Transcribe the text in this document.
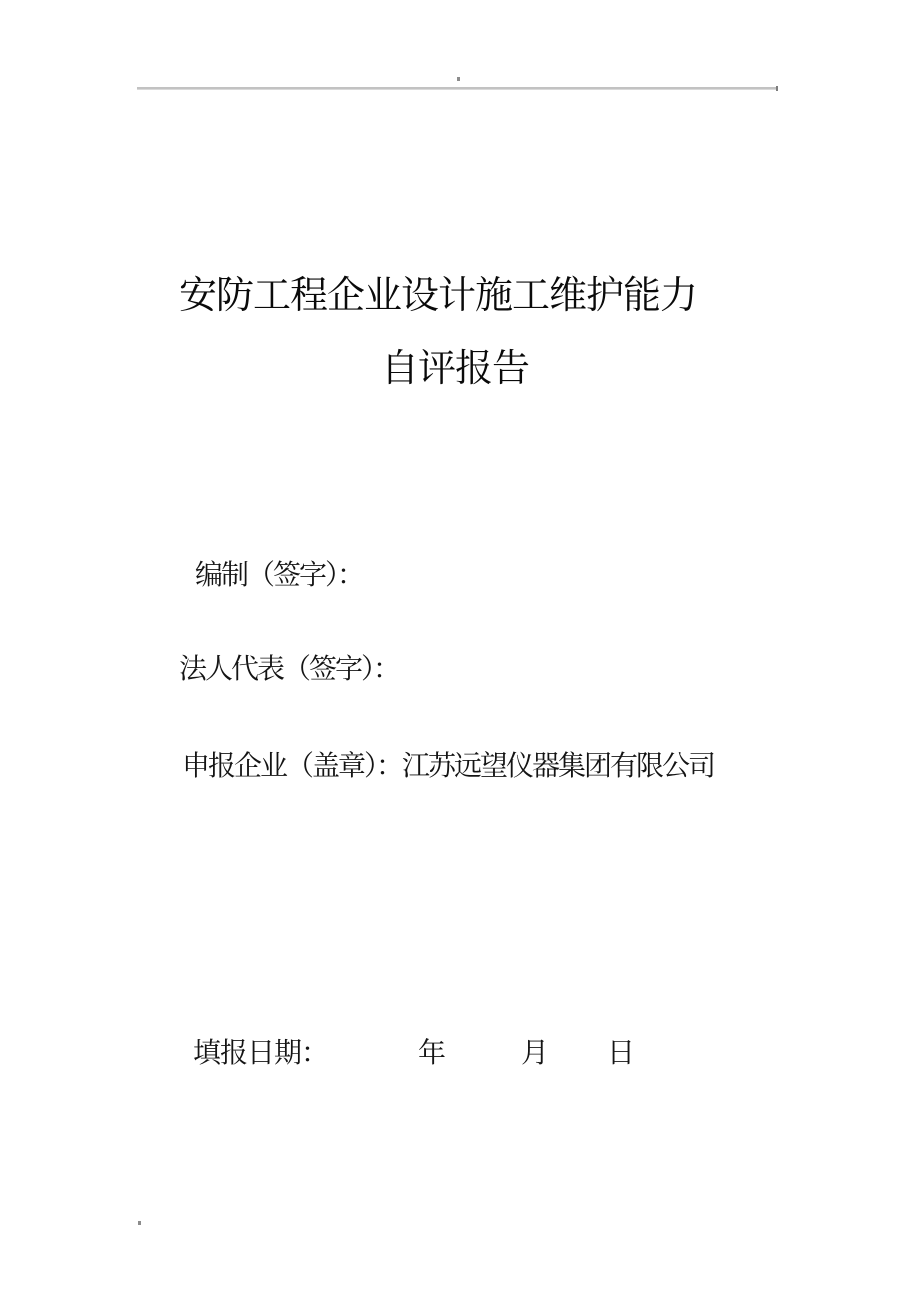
安防工程企业设计施工维护能力
自评报告
编制（签字）：
法人代表（签字）：
申报企业（盖章）：江苏远望仪器集团有限公司
填报日期：	年	月 日
